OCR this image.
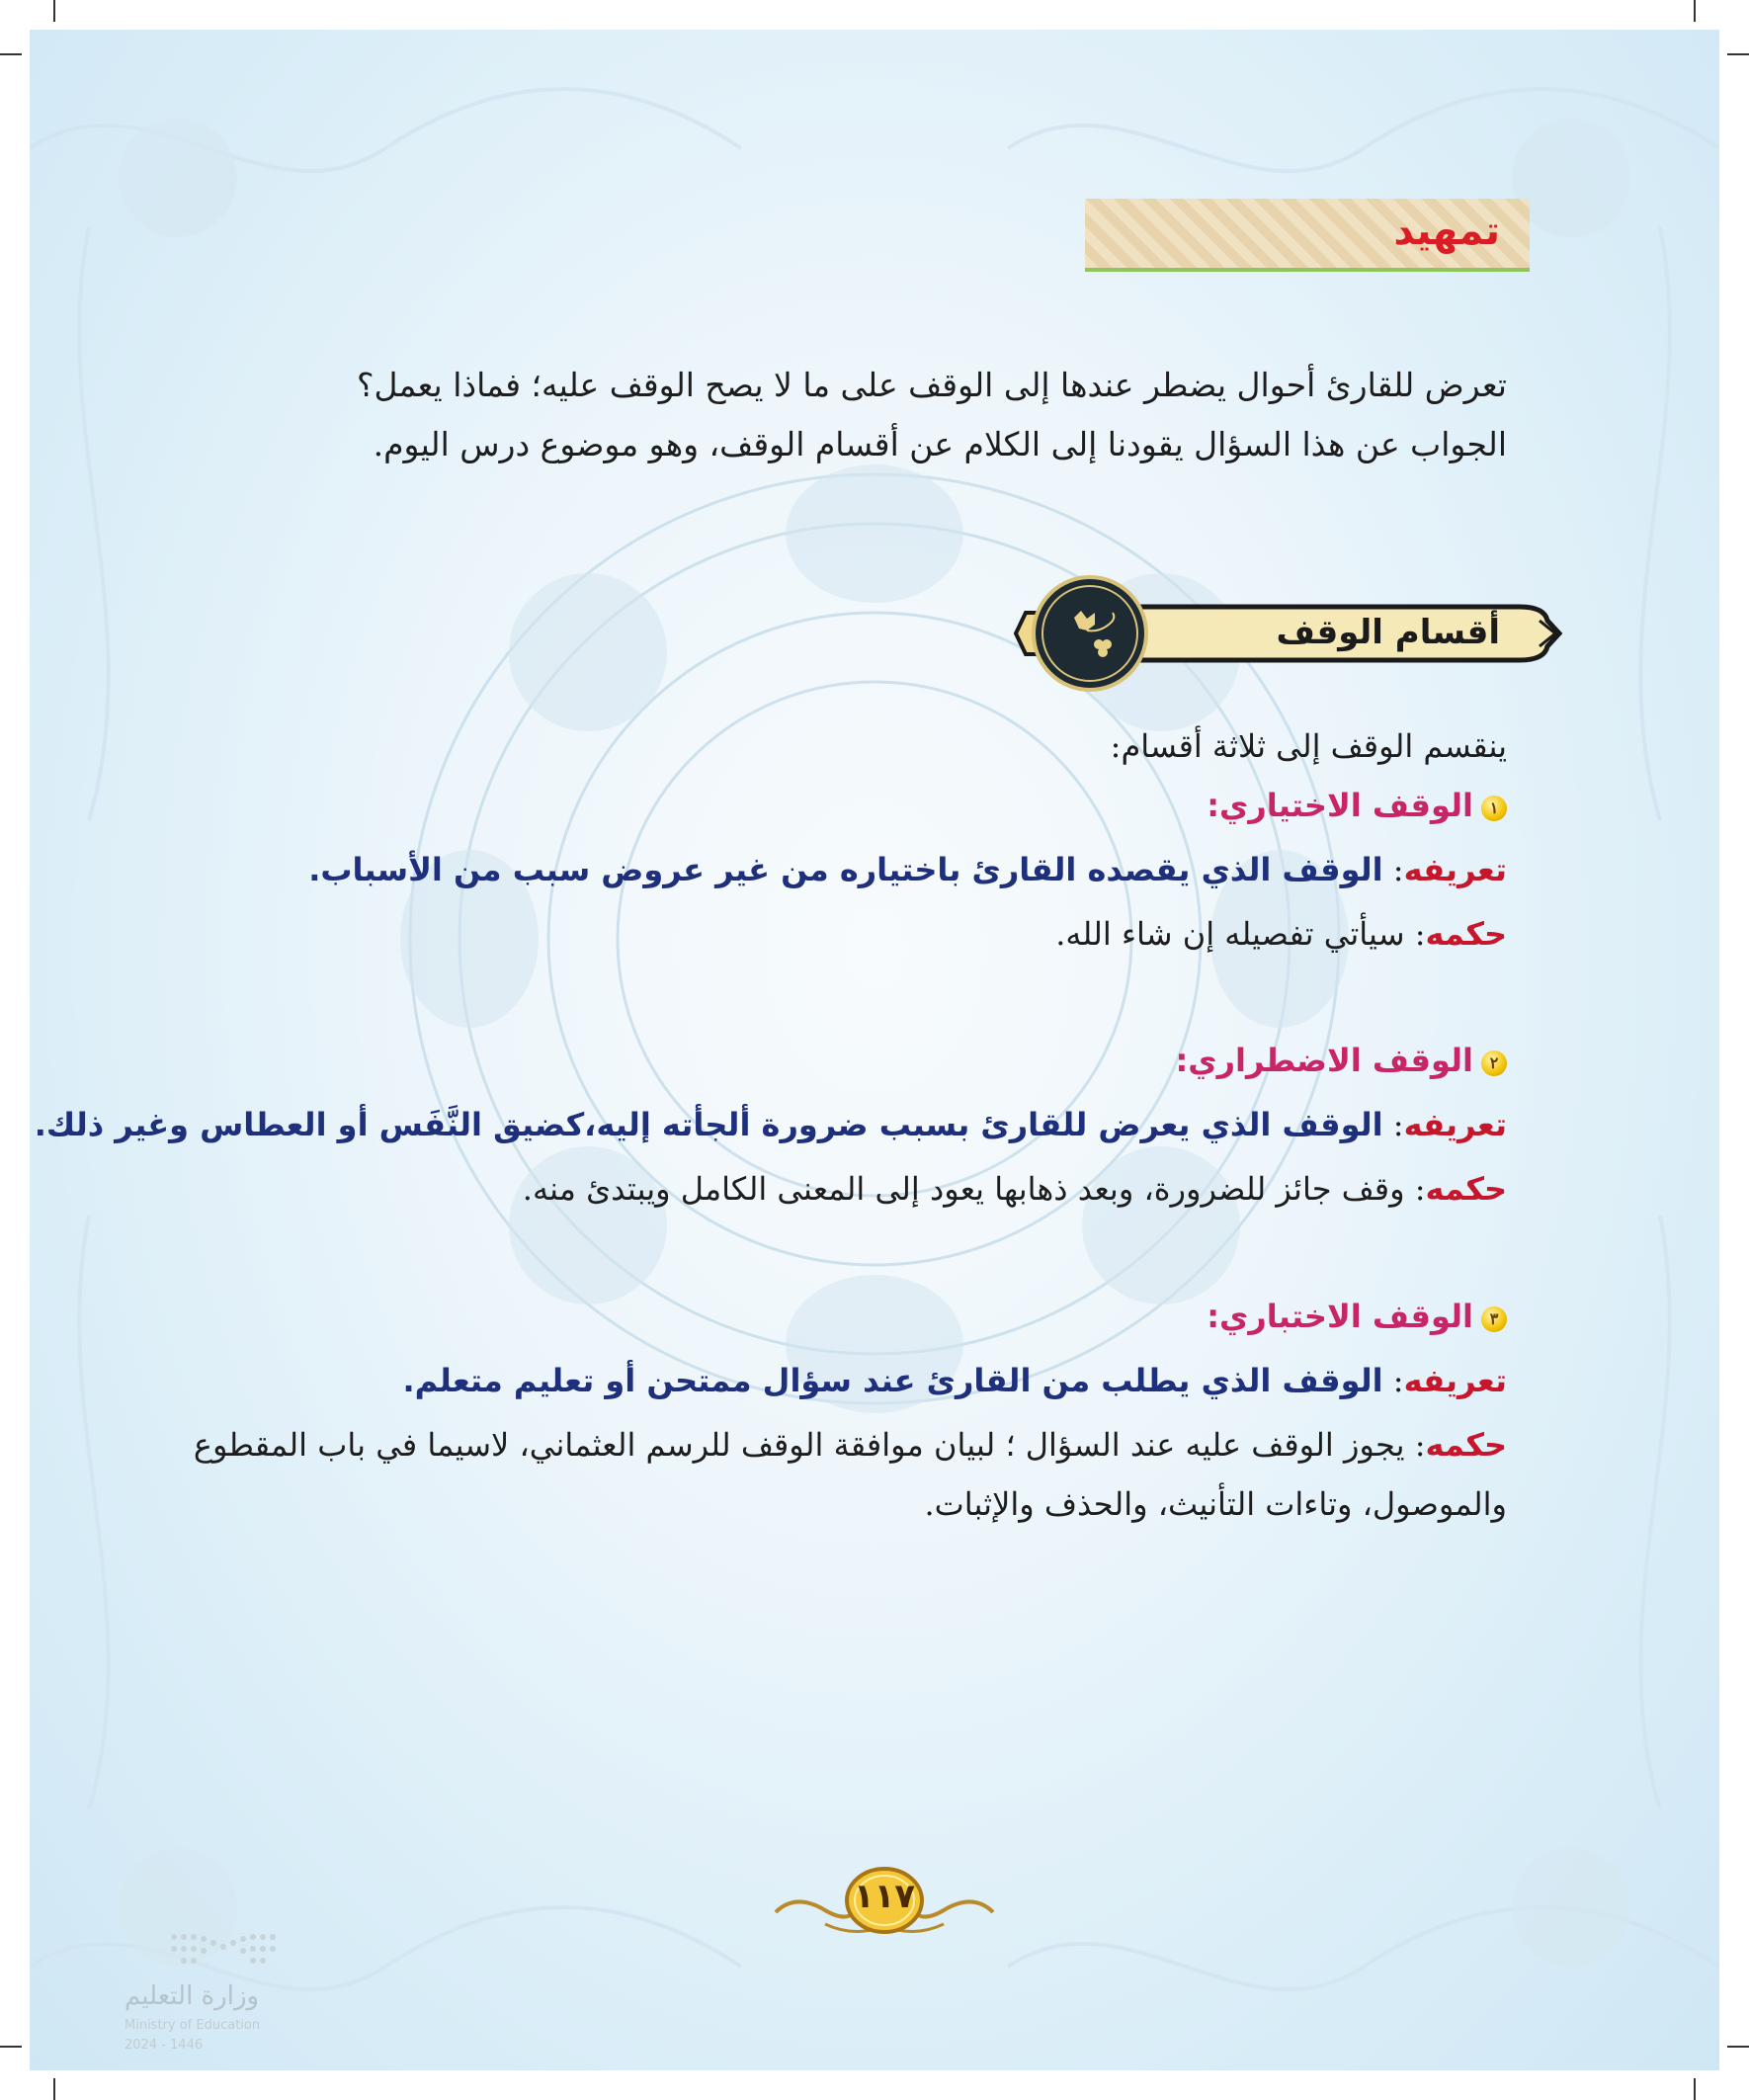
تمهيد
تعرض للقارئ أحوال يضطر عندها إلى الوقف على ما لا يصح الوقف عليه؛ فماذا يعمل؟
الجواب عن هذا السؤال يقودنا إلى الكلام عن أقسام الوقف، وهو موضوع درس اليوم.
أقسام الوقف
ينقسم الوقف إلى ثلاثة أقسام:
١الوقف الاختياري:
تعريفه: الوقف الذي يقصده القارئ باختياره من غير عروض سبب من الأسباب.
حكمه: سيأتي تفصيله إن شاء الله.
٢الوقف الاضطراري:
تعريفه: الوقف الذي يعرض للقارئ بسبب ضرورة ألجأته إليه،كضيق النَّفَس أو العطاس وغير ذلك.
حكمه: وقف جائز للضرورة، وبعد ذهابها يعود إلى المعنى الكامل ويبتدئ منه.
٣الوقف الاختباري:
تعريفه: الوقف الذي يطلب من القارئ عند سؤال ممتحن أو تعليم متعلم.
حكمه: يجوز الوقف عليه عند السؤال ؛ لبيان موافقة الوقف للرسم العثماني، لاسيما في باب المقطوع
والموصول، وتاءات التأنيث، والحذف والإثبات.
١١٧
وزارة التعليم
Ministry of Education
2024 - 1446
